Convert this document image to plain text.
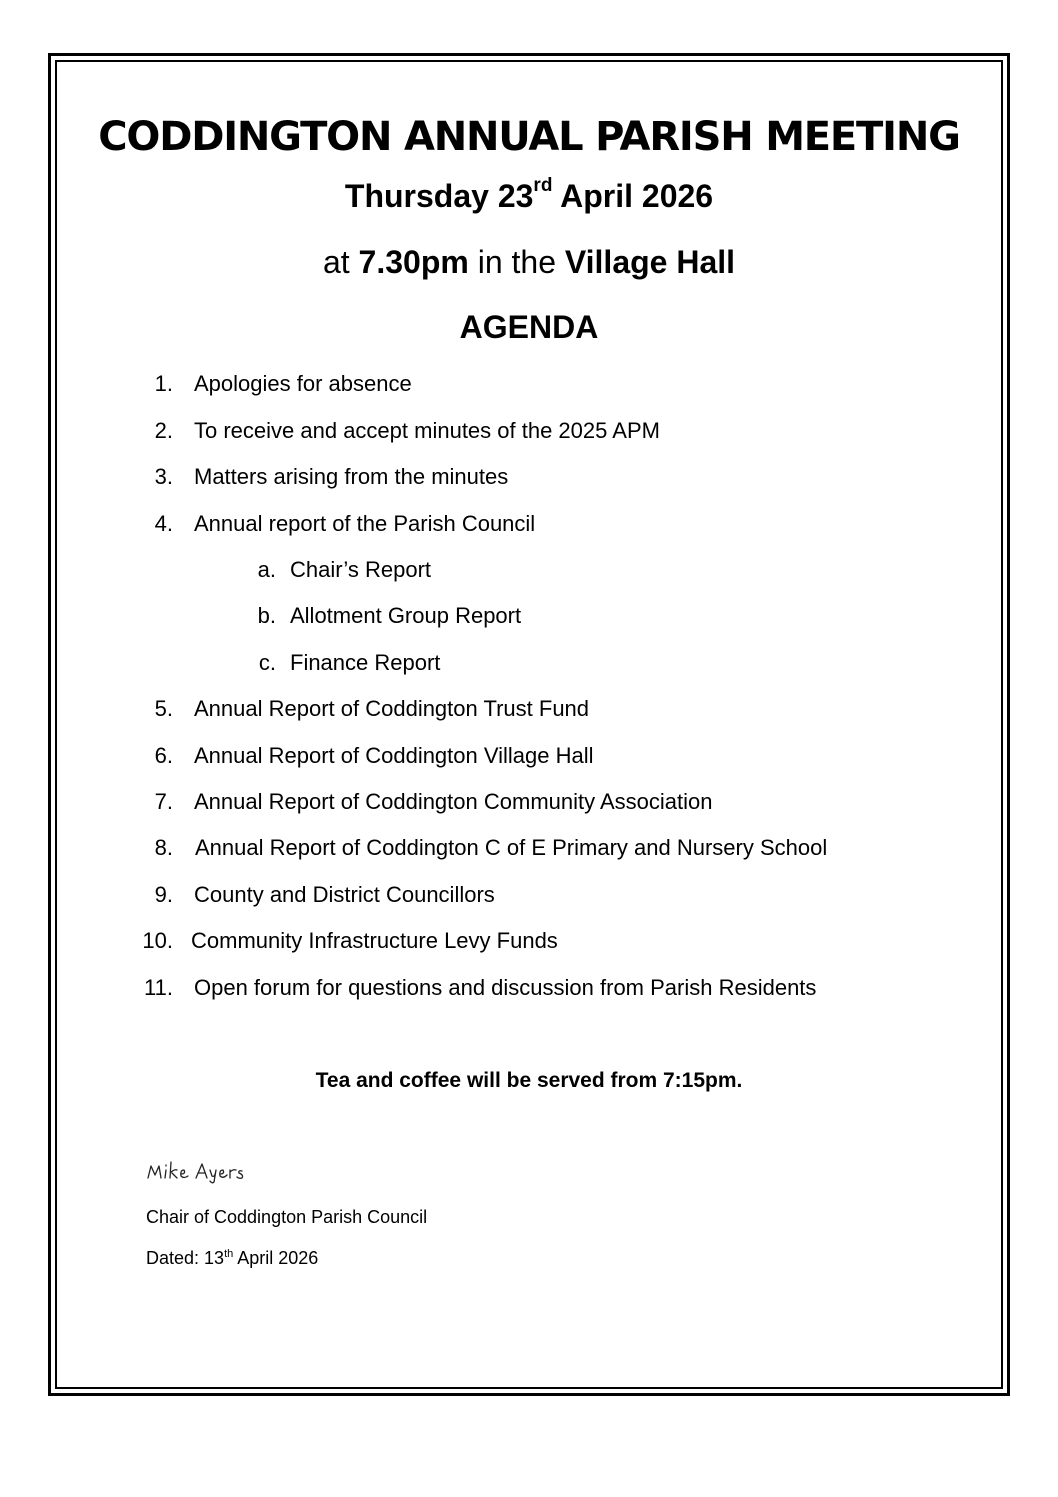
CODDINGTON ANNUAL PARISH MEETING
Thursday 23rd April 2026
at 7.30pm in the Village Hall
AGENDA
1. Apologies for absence
2. To receive and accept minutes of the 2025 APM
3. Matters arising from the minutes
4. Annual report of the Parish Council
a. Chair’s Report
b. Allotment Group Report
c. Finance Report
5. Annual Report of Coddington Trust Fund
6. Annual Report of Coddington Village Hall
7. Annual Report of Coddington Community Association
8. Annual Report of Coddington C of E Primary and Nursery School
9. County and District Councillors
10. Community Infrastructure Levy Funds
11. Open forum for questions and discussion from Parish Residents
Tea and coffee will be served from 7:15pm.
Chair of Coddington Parish Council
Dated: 13th April 2026
